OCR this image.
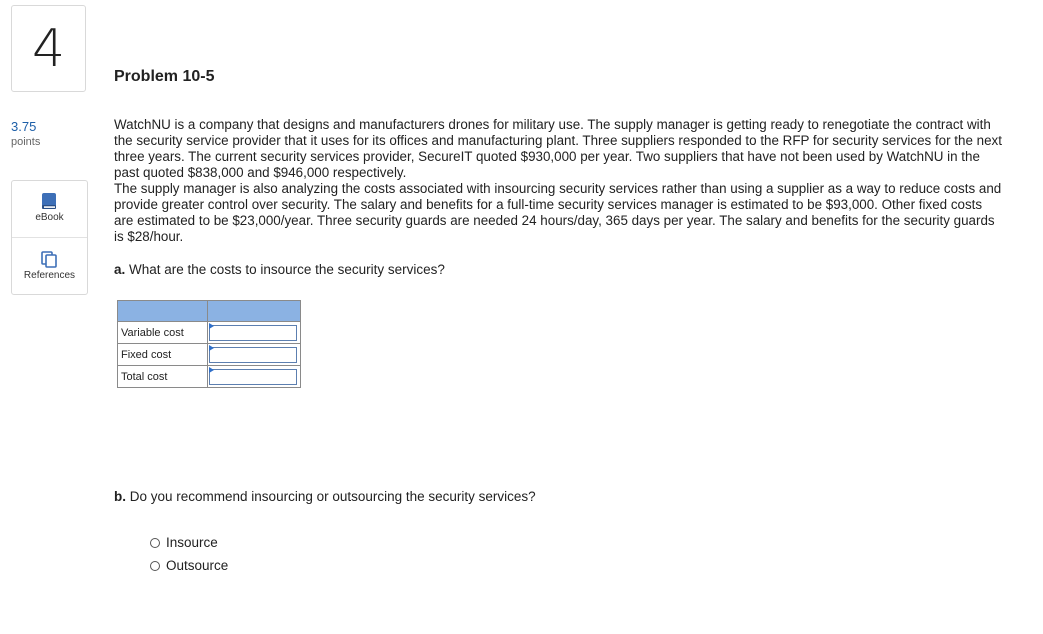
4
3.75
points
eBook
References
Problem 10-5

WatchNU is a company that designs and manufacturers drones for military use. The supply manager is getting ready to renegotiate the contract with the security service provider that it uses for its offices and manufacturing plant. Three suppliers responded to the RFP for security services for the next three years. The current security services provider, SecureIT quoted $930,000 per year. Two suppliers that have not been used by WatchNU in the past quoted $838,000 and $946,000 respectively.

The supply manager is also analyzing the costs associated with insourcing security services rather than using a supplier as a way to reduce costs and provide greater control over security. The salary and benefits for a full-time security services manager is estimated to be $93,000. Other fixed costs are estimated to be $23,000/year. Three security guards are needed 24 hours/day, 365 days per year. The salary and benefits for the security guards is $28/hour.

a. What are the costs to insource the security services?

Variable cost	

Fixed cost	

Total cost	
b. Do you recommend insourcing or outsourcing the security services?
Insource
Outsource
